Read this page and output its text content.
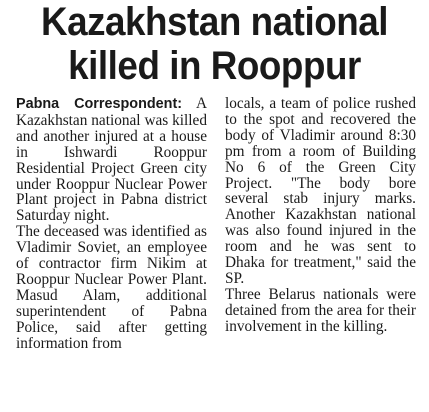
Kazakhstan national
killed in Rooppur

Pabna Correspondent: A Kazakhstan national was killed and another injured at a house in Ishwardi Rooppur Residential Project Green city under Rooppur Nuclear Power Plant project in Pabna district Saturday night.

The deceased was identified as Vladimir Soviet, an employee of contractor firm Nikim at Rooppur Nuclear Power Plant. Masud Alam, additional superintendent of Pabna Police, said after getting information from

locals, a team of police rushed to the spot and recovered the body of Vladimir around 8:30 pm from a room of Building No 6 of the Green City Project. "The body bore several stab injury marks. Another Kazakhstan national was also found injured in the room and he was sent to Dhaka for treatment," said the SP.

Three Belarus nationals were detained from the area for their involvement in the killing.
